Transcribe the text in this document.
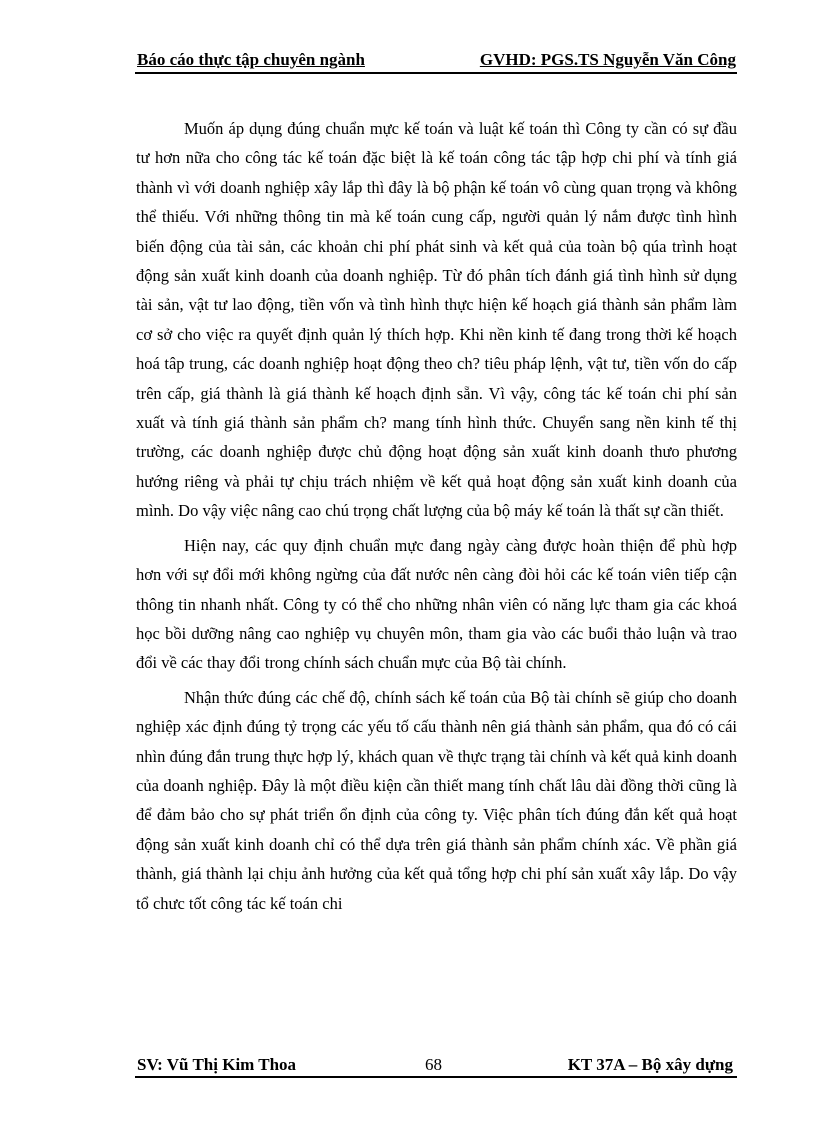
Báo cáo thực tập chuyên ngành	GVHD: PGS.TS Nguyễn Văn Công

Muốn áp dụng đúng chuẩn mực kế toán và luật kế toán thì Công ty cần có sự đầu tư hơn nữa cho công tác kế toán đặc biệt là kế toán công tác tập hợp chi phí và tính giá thành vì với doanh nghiệp xây lắp thì đây là bộ phận kế toán vô cùng quan trọng và không thể thiếu. Với những thông tin mà kế toán cung cấp, người quản lý nắm được tình hình biến động của tài sản, các khoản chi phí phát sinh và kết quả của toàn bộ qúa trình hoạt động sản xuất kinh doanh của doanh nghiệp. Từ đó phân tích đánh giá tình hình sử dụng tài sản, vật tư lao động, tiền vốn và tình hình thực hiện kế hoạch giá thành sản phẩm làm cơ sở cho việc ra quyết định quản lý thích hợp. Khi nền kinh tế đang trong thời kế hoạch hoá tâp trung, các doanh nghiệp hoạt động theo ch? tiêu pháp lệnh, vật tư, tiền vốn do cấp trên cấp, giá thành là giá thành kế hoạch định sẵn. Vì vậy, công tác kế toán chi phí sản xuất và tính giá thành sản phẩm ch? mang tính hình thức. Chuyển sang nền kinh tế thị trường, các doanh nghiệp được chủ động hoạt động sản xuất kinh doanh thưo phương hướng riêng và phải tự chịu trách nhiệm về kết quả hoạt động sản xuất kinh doanh của mình. Do vậy việc nâng cao chú trọng chất lượng của bộ máy kế toán là thất sự cần thiết.

Hiện nay, các quy định chuẩn mực đang ngày càng được hoàn thiện để phù hợp hơn với sự đổi mới không ngừng của đất nước nên càng đòi hỏi các kế toán viên tiếp cận thông tin nhanh nhất. Công ty có thể cho những nhân viên có năng lực tham gia các khoá học bồi dưỡng nâng cao nghiệp vụ chuyên môn, tham gia vào các buổi thảo luận và trao đổi về các thay đổi trong chính sách chuẩn mực của Bộ tài chính.

Nhận thức đúng các chế độ, chính sách kế toán của Bộ tài chính sẽ giúp cho doanh nghiệp xác định đúng tỷ trọng các yếu tố cấu thành nên giá thành sản phẩm, qua đó có cái nhìn đúng đắn trung thực hợp lý, khách quan về thực trạng tài chính và kết quả kinh doanh của doanh nghiệp. Đây là một điều kiện cần thiết mang tính chất lâu dài đồng thời cũng là để đảm bảo cho sự phát triển ổn định của công ty. Việc phân tích đúng đắn kết quả hoạt động sản xuất kinh doanh chỉ có thể dựa trên giá thành sản phẩm chính xác. Về phần giá thành, giá thành lại chịu ảnh hưởng của kết quả tổng hợp chi phí sản xuất xây lắp. Do vậy tổ chưc tốt công tác kế toán chi

SV: Vũ Thị Kim Thoa	68	KT 37A – Bộ xây dựng
